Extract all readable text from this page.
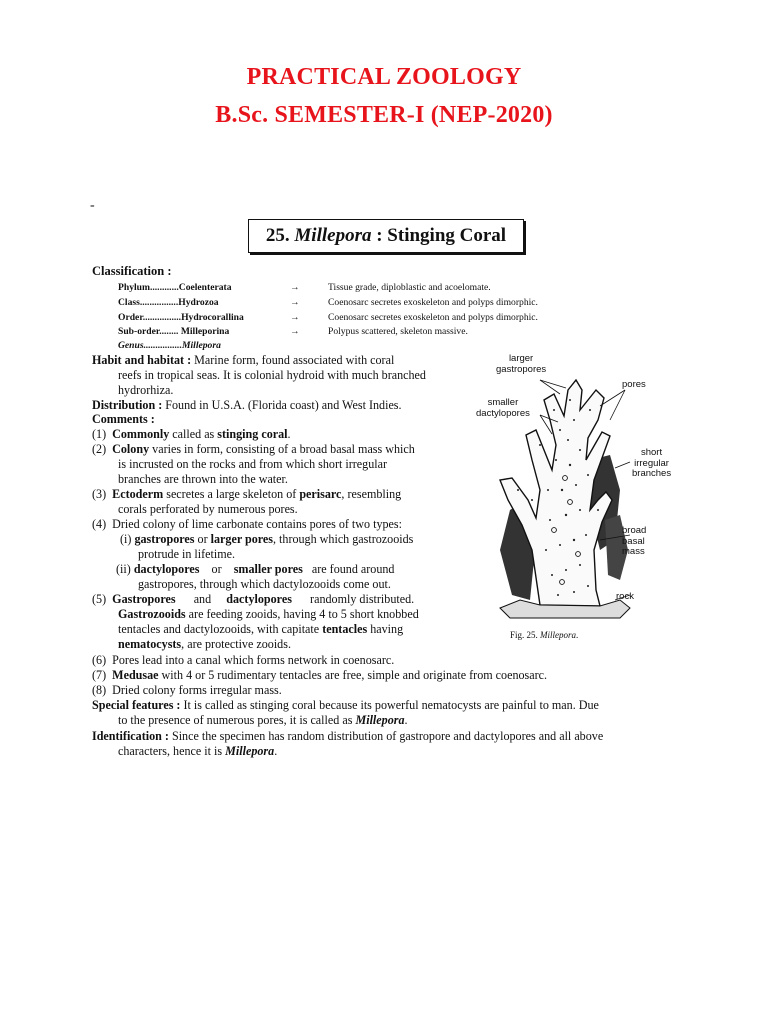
PRACTICAL ZOOLOGY
B.Sc. SEMESTER-I (NEP-2020)
-
25. Millepora : Stinging Coral
Classification :
Phylum............Coelenterata	→	Tissue grade, diploblastic and acoelomate.
Class................Hydrozoa	→	Coenosarc secretes exoskeleton and polyps dimorphic.
Order................Hydrocorallina	→	Coenosarc secretes exoskeleton and polyps dimorphic.
Sub-order........ Milleporina	→	Polypus scattered, skeleton massive.
Genus................Millepora
Habit and habitat : Marine form, found associated with coral
reefs in tropical seas. It is colonial hydroid with much branched
hydrorhiza.
Distribution : Found in U.S.A. (Florida coast) and West Indies.
Comments :
(1) Commonly called as stinging coral.
(2) Colony varies in form, consisting of a broad basal mass which
is incrusted on the rocks and from which short irregular
branches are thrown into the water.
(3) Ectoderm secretes a large skeleton of perisarc, resembling
corals perforated by numerous pores.
(4) Dried colony of lime carbonate contains pores of two types:
(i) gastropores or larger pores, through which gastrozooids
protrude in lifetime.
(ii) dactylopores or smaller pores are found around
gastropores, through which dactylozooids come out.
(5) Gastropores and dactylopores randomly distributed.
Gastrozooids are feeding zooids, having 4 to 5 short knobbed
tentacles and dactylozooids, with capitate tentacles having
nematocysts, are protective zooids.
(6) Pores lead into a canal which forms network in coenosarc.
(7) Medusae with 4 or 5 rudimentary tentacles are free, simple and originate from coenosarc.
(8) Dried colony forms irregular mass.
Special features : It is called as stinging coral because its powerful nematocysts are painful to man. Due
to the presence of numerous pores, it is called as Millepora.
Identification : Since the specimen has random distribution of gastropore and dactylopores and all above
characters, hence it is Millepora.
larger
gastropores
pores
smaller
dactylopores
short
irregular
branches
broad
basal
mass
rock
Fig. 25. Millepora.
